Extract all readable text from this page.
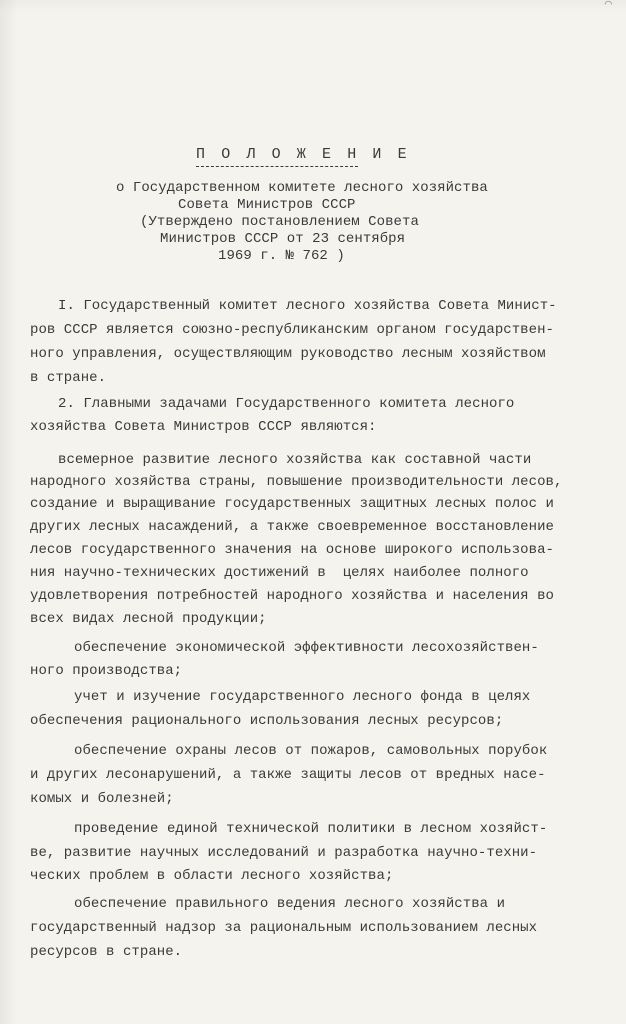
⌒
П О Л О Ж Е Н И Е
о Государственном комитете лесного хозяйства
Совета Министров СССР
(Утверждено постановлением Совета
Министров СССР от 23 сентября
1969 г. № 762 )
I. Государственный комитет лесного хозяйства Совета Минист-
ров СССР является союзно-республиканским органом государствен-
ного управления, осуществляющим руководство лесным хозяйством
в стране.
2. Главными задачами Государственного комитета лесного
хозяйства Совета Министров СССР являются:
всемерное развитие лесного хозяйства как составной части
народного хозяйства страны, повышение производительности лесов,
создание и выращивание государственных защитных лесных полос и
других лесных насаждений, а также своевременное восстановление
лесов государственного значения на основе широкого использова-
ния научно-технических достижений в  целях наиболее полного
удовлетворения потребностей народного хозяйства и населения во
всех видах лесной продукции;
обеспечение экономической эффективности лесохозяйствен-
ного производства;
учет и изучение государственного лесного фонда в целях
обеспечения рационального использования лесных ресурсов;
обеспечение охраны лесов от пожаров, самовольных порубок
и других лесонарушений, а также защиты лесов от вредных насе-
комых и болезней;
проведение единой технической политики в лесном хозяйст-
ве, развитие научных исследований и разработка научно-техни-
ческих проблем в области лесного хозяйства;
обеспечение правильного ведения лесного хозяйства и
государственный надзор за рациональным использованием лесных
ресурсов в стране.
